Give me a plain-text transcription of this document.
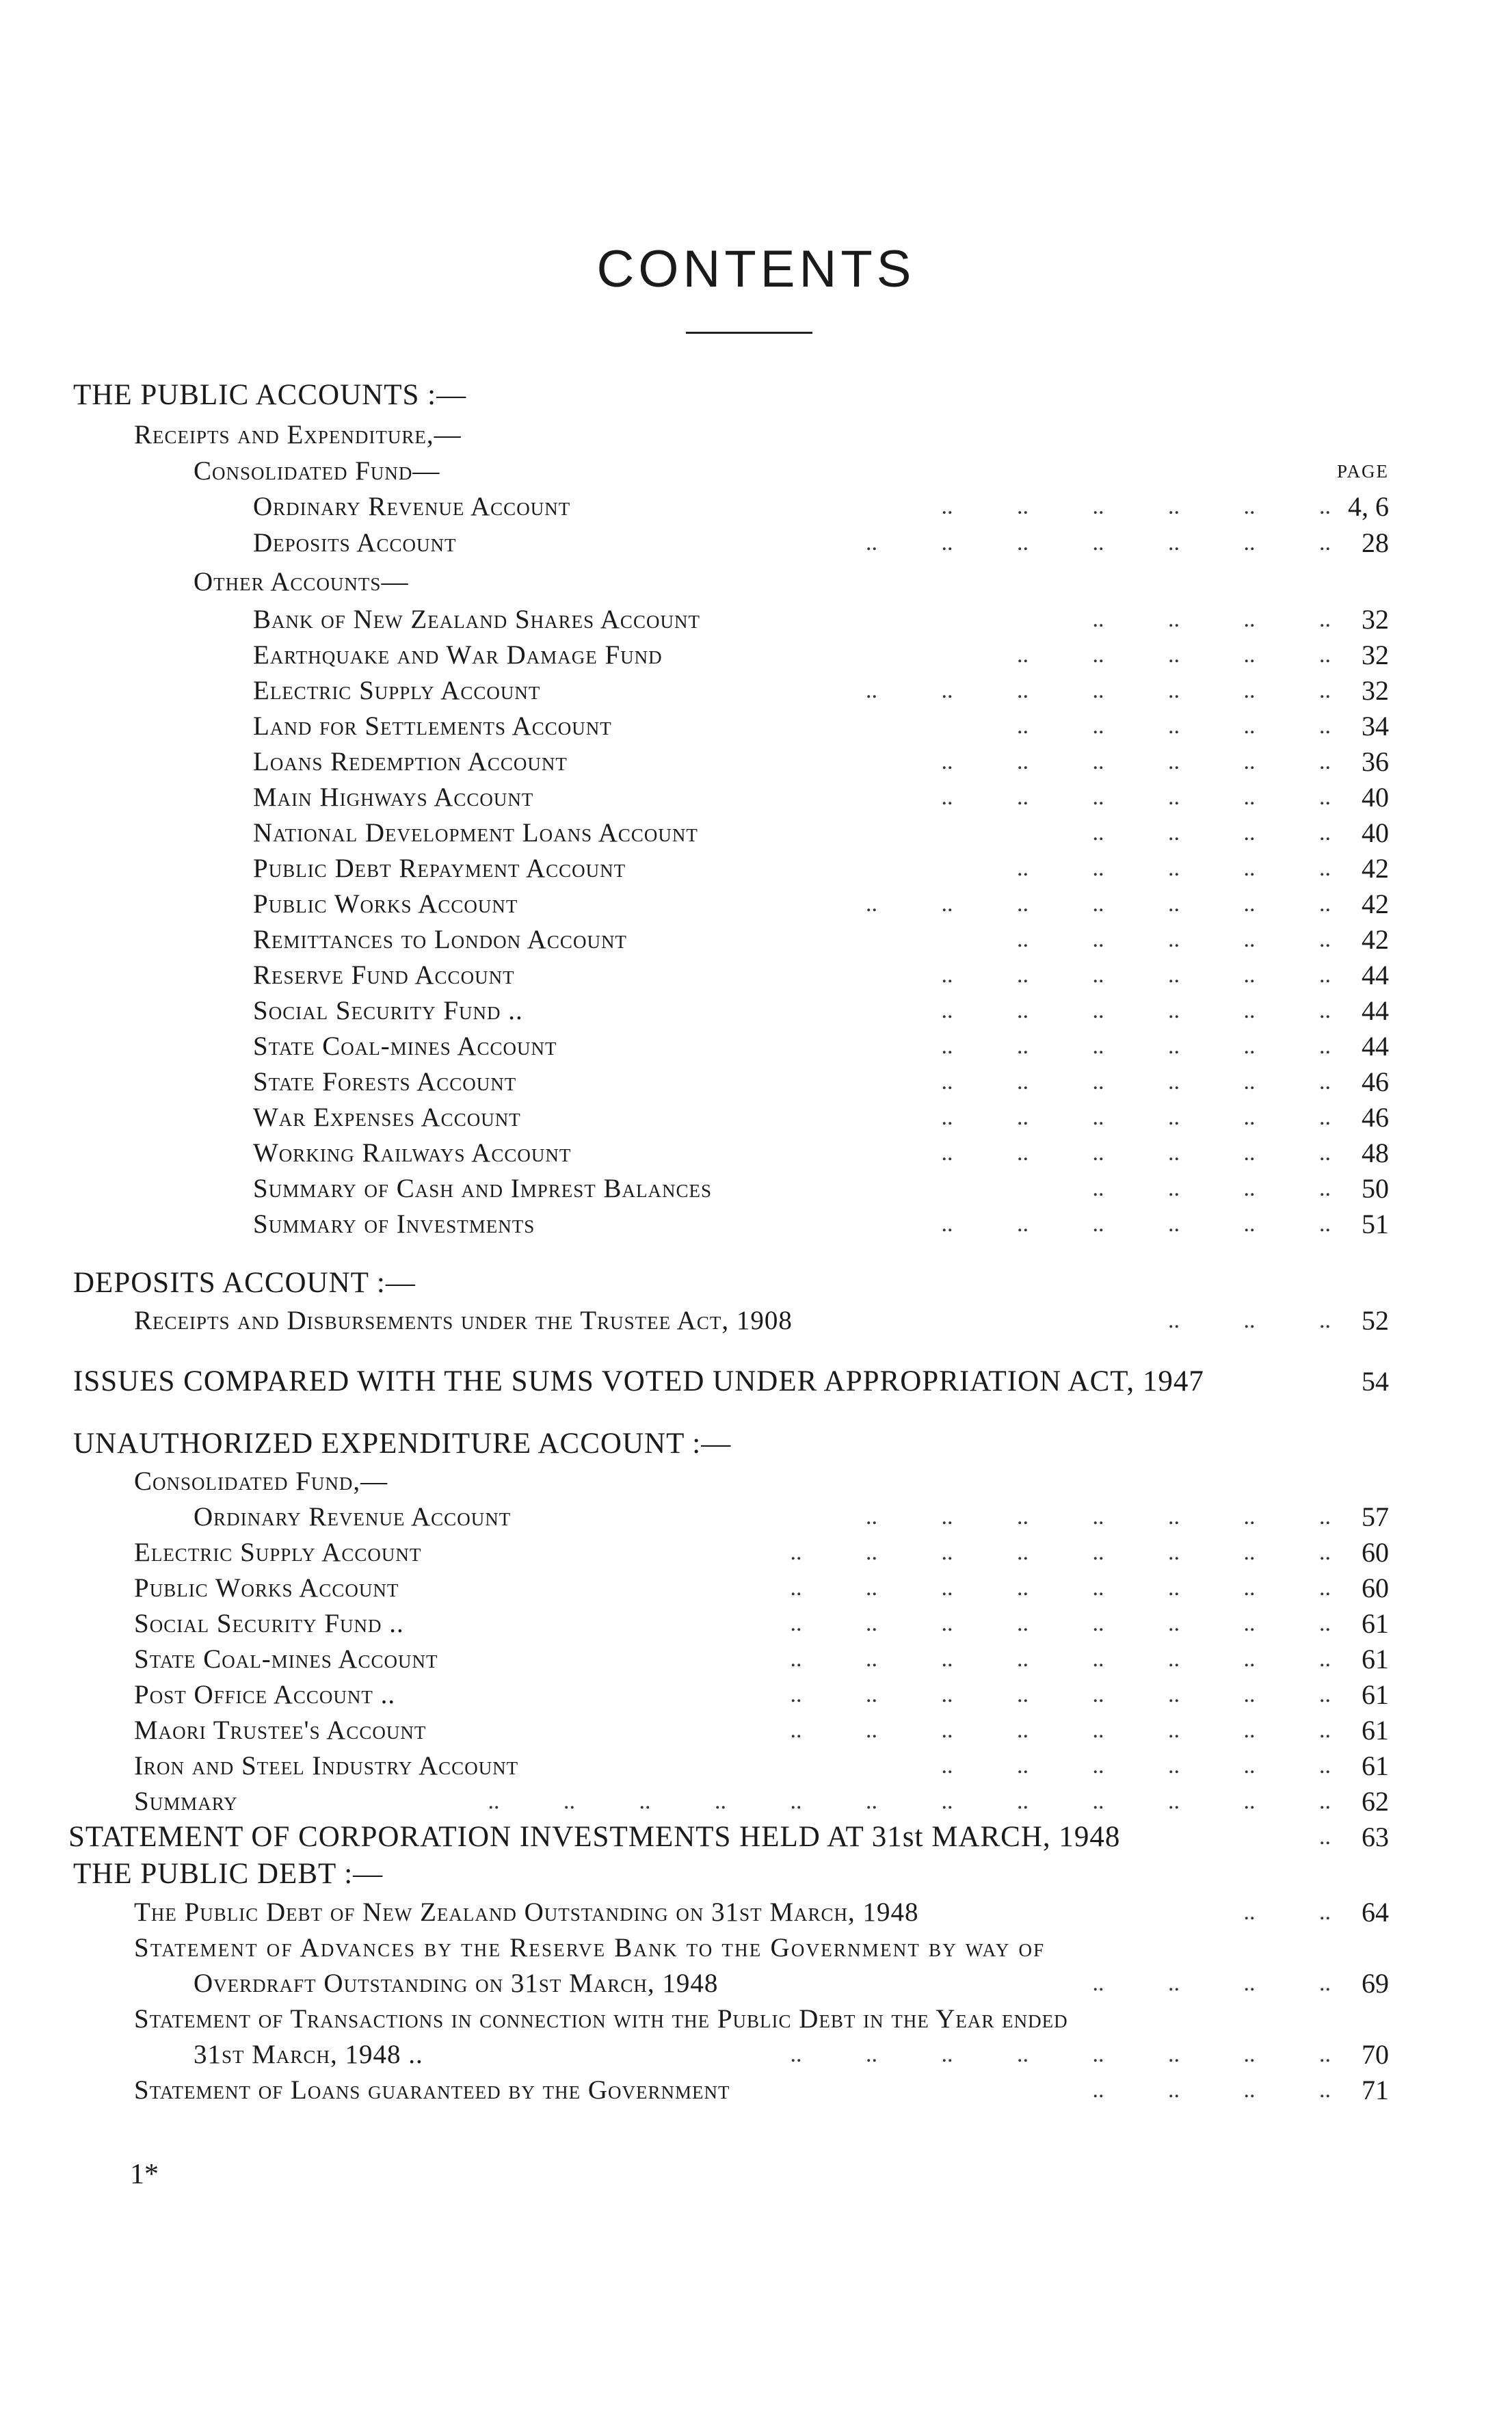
CONTENTS
THE PUBLIC ACCOUNTS :—
Receipts and Expenditure,—
Consolidated Fund—	PAGE
Ordinary Revenue Account	..           ..           ..           ..           ..           .. 4, 6
Deposits Account	..           ..           ..           ..           ..           ..           ..	28
Other Accounts—
Bank of New Zealand Shares Account	..           ..           ..           ..	32
Earthquake and War Damage Fund	..           ..           ..           ..           ..	32
Electric Supply Account	..           ..           ..           ..           ..           ..           ..	32
Land for Settlements Account	..           ..           ..           ..           ..	34
Loans Redemption Account	..           ..           ..           ..           ..           ..	36
Main Highways Account	..           ..           ..           ..           ..           ..	40
National Development Loans Account	..           ..           ..           ..	40
Public Debt Repayment Account	..           ..           ..           ..           ..	42
Public Works Account	..           ..           ..           ..           ..           ..           ..	42
Remittances to London Account	..           ..           ..           ..           ..	42
Reserve Fund Account	..           ..           ..           ..           ..           ..	44
Social Security Fund ..	..           ..           ..           ..           ..           ..	44
State Coal-mines Account	..           ..           ..           ..           ..           ..	44
State Forests Account	..           ..           ..           ..           ..           ..	46
War Expenses Account	..           ..           ..           ..           ..           ..	46
Working Railways Account	..           ..           ..           ..           ..           ..	48
Summary of Cash and Imprest Balances	..           ..           ..           ..	50
Summary of Investments	..           ..           ..           ..           ..           ..	51
DEPOSITS ACCOUNT :—
Receipts and Disbursements under the Trustee Act, 1908	..           ..           ..	52
ISSUES COMPARED WITH THE SUMS VOTED UNDER APPROPRIATION ACT, 1947	54
UNAUTHORIZED EXPENDITURE ACCOUNT :—
Consolidated Fund,—
Ordinary Revenue Account	..           ..           ..           ..           ..           ..           ..	57
Electric Supply Account	..           ..           ..           ..           ..           ..           ..           ..	60
Public Works Account	..           ..           ..           ..           ..           ..           ..           ..	60
Social Security Fund ..	..           ..           ..           ..           ..           ..           ..           ..	61
State Coal-mines Account	..           ..           ..           ..           ..           ..           ..           ..	61
Post Office Account ..	..           ..           ..           ..           ..           ..           ..           ..	61
Maori Trustee's Account	..           ..           ..           ..           ..           ..           ..           ..	61
Iron and Steel Industry Account	..           ..           ..           ..           ..           ..	61
Summary	..           ..           ..           ..           ..           ..           ..           ..           ..           ..           ..           ..	62
STATEMENT OF CORPORATION INVESTMENTS HELD AT 31st MARCH, 1948	..	63
THE PUBLIC DEBT :—
The Public Debt of New Zealand Outstanding on 31st March, 1948	..           ..	64
Statement of Advances by the Reserve Bank to the Government by way of
Overdraft Outstanding on 31st March, 1948	..           ..           ..           ..	69
Statement of Transactions in connection with the Public Debt in the Year ended
31st March, 1948 ..	..           ..           ..           ..           ..           ..           ..           ..	70
Statement of Loans guaranteed by the Government	..           ..           ..           ..	71
1*
